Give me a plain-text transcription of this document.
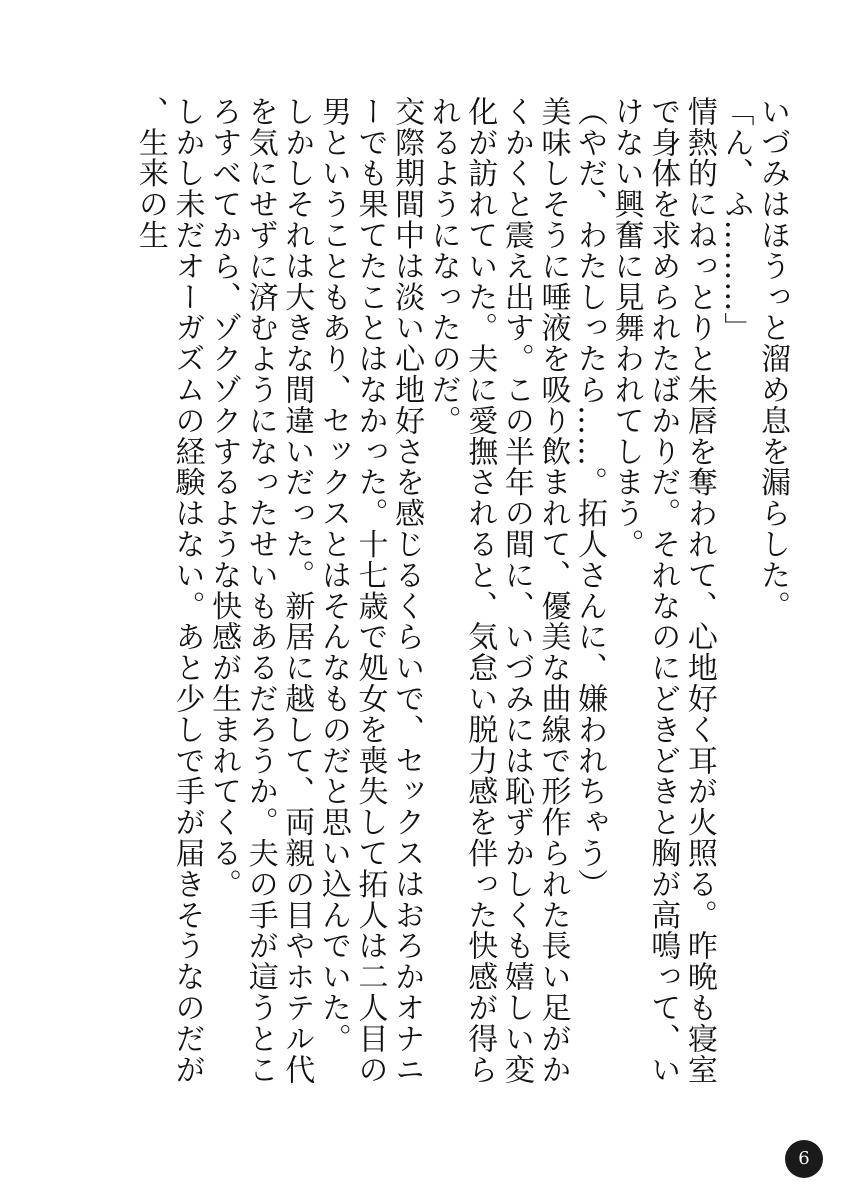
いづみはほうっと溜め息を漏らした。

「ん、ふ………」

情熱的にねっとりと朱唇を奪われて、心地好く耳が火照る。昨晩も寝室で身体を求められたばかりだ。それなのにどきどきと胸が高鳴って、いけない興奮に見舞われてしまう。

（やだ、わたしったら……。拓人さんに、嫌われちゃう）

美味しそうに唾液を吸り飲まれて、優美な曲線で形作られた長い足がかくかくと震え出す。この半年の間に、いづみには恥ずかしくも嬉しい変化が訪れていた。夫に愛撫されると、気怠い脱力感を伴った快感が得られるようになったのだ。

交際期間中は淡い心地好さを感じるくらいで、セックスはおろかオナニーでも果てたことはなかった。十七歳で処女を喪失して拓人は二人目の男ということもあり、セックスとはそんなものだと思い込んでいた。

しかしそれは大きな間違いだった。新居に越して、両親の目やホテル代を気にせずに済むようになったせいもあるだろうか。夫の手が這うところすべてから、ゾクゾクするような快感が生まれてくる。

しかし未だオーガズムの経験はない。あと少しで手が届きそうなのだが、生来の生

6
